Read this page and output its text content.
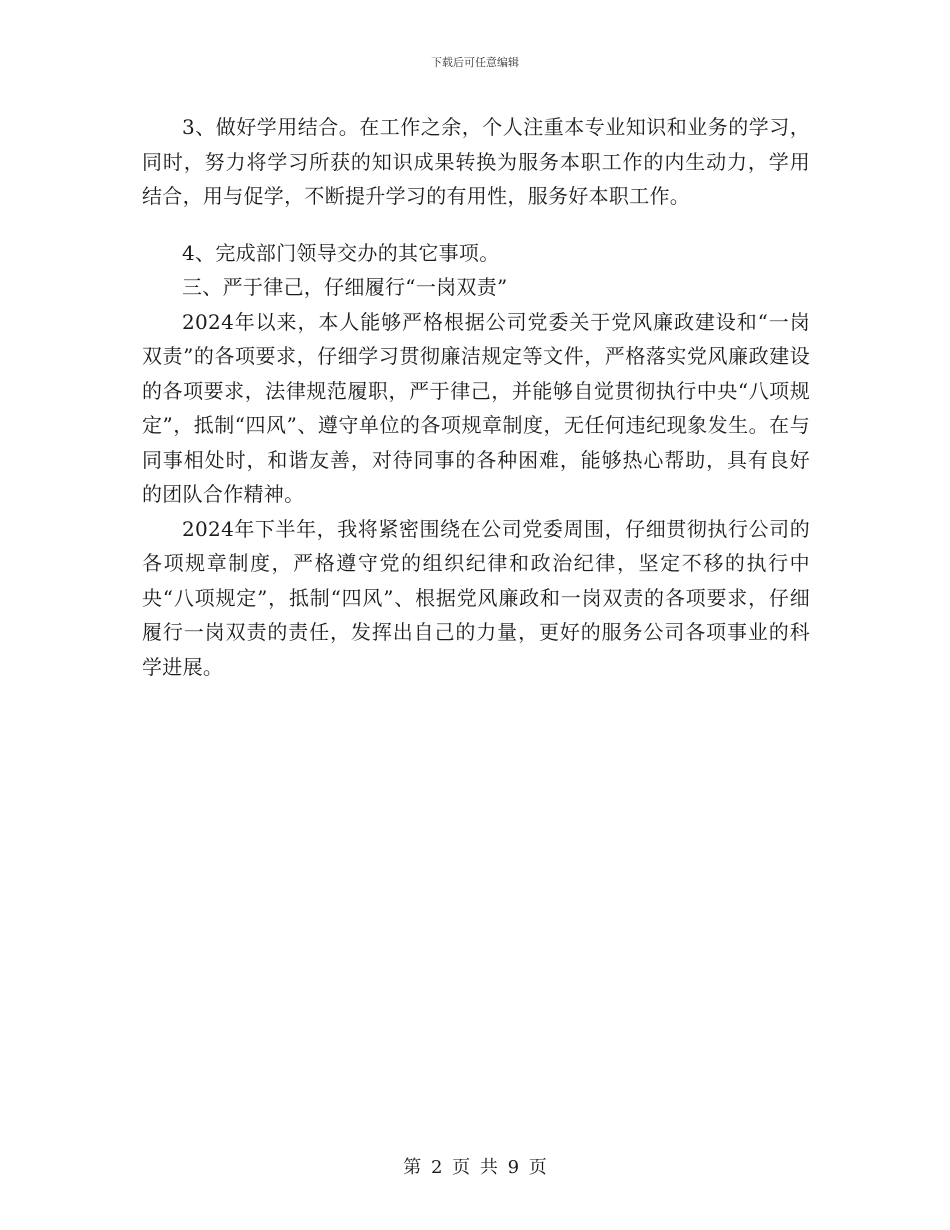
下载后可任意编辑

3、做好学用结合。在工作之余，个人注重本专业知识和业务的学习，同时，努力将学习所获的知识成果转换为服务本职工作的内生动力，学用结合，用与促学，不断提升学习的有用性，服务好本职工作。

4、完成部门领导交办的其它事项。

三、严于律己，仔细履行“一岗双责”

2024年以来，本人能够严格根据公司党委关于党风廉政建设和“一岗双责”的各项要求，仔细学习贯彻廉洁规定等文件，严格落实党风廉政建设的各项要求，法律规范履职，严于律己，并能够自觉贯彻执行中央“八项规定”，抵制“四风”、遵守单位的各项规章制度，无任何违纪现象发生。在与同事相处时，和谐友善，对待同事的各种困难，能够热心帮助，具有良好的团队合作精神。

2024年下半年，我将紧密围绕在公司党委周围，仔细贯彻执行公司的各项规章制度，严格遵守党的组织纪律和政治纪律，坚定不移的执行中央“八项规定”，抵制“四风”、根据党风廉政和一岗双责的各项要求，仔细履行一岗双责的责任，发挥出自己的力量，更好的服务公司各项事业的科学进展。

第 2 页 共 9 页
